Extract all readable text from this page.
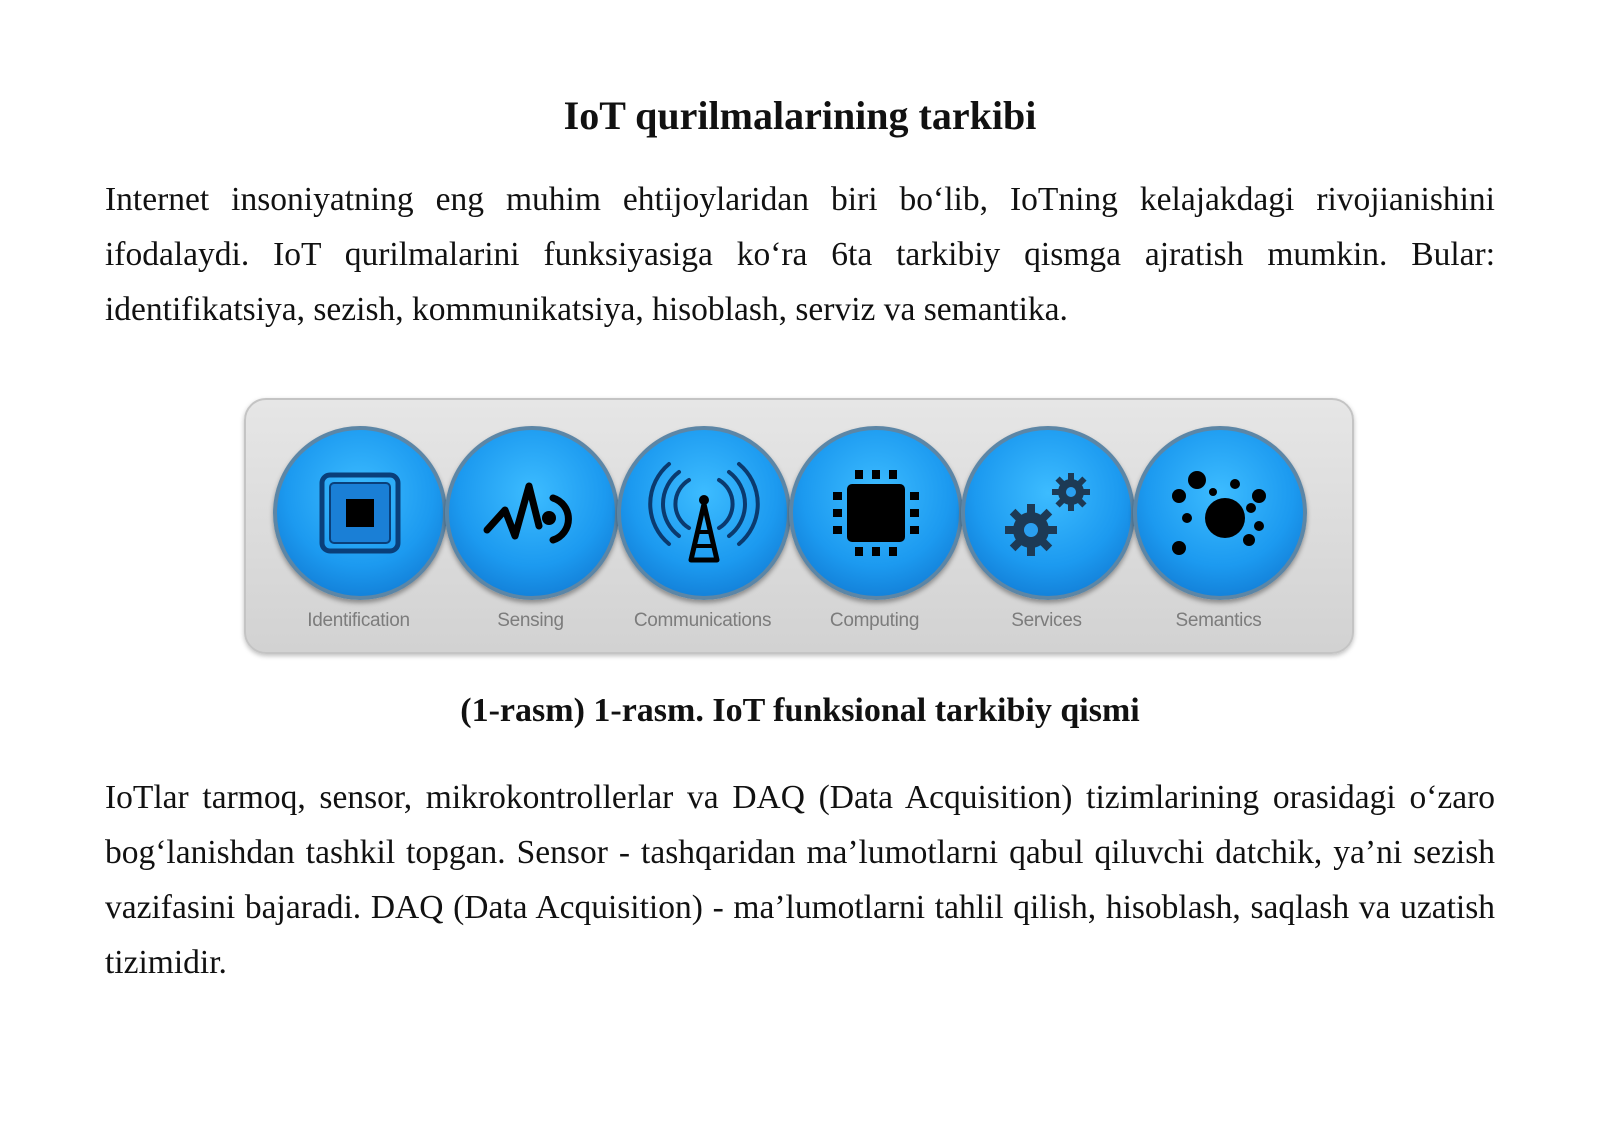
IoT qurilmalarining tarkibi

Internet insoniyatning eng muhim ehtijoylaridan biri bo‘lib, IoTning kelajakdagi rivojianishini ifodalaydi. IoT qurilmalarini funksiyasiga ko‘ra 6ta tarkibiy qismga ajratish mumkin. Bular: identifikatsiya, sezish, kommunikatsiya, hisoblash, serviz va semantika.

Identification	Sensing	Communications	Computing	Services	Semantics

(1-rasm) 1-rasm. IoT funksional tarkibiy qismi

IoTlar tarmoq, sensor, mikrokontrollerlar va DAQ (Data Acquisition) tizimlarining orasidagi o‘zaro bog‘lanishdan tashkil topgan. Sensor - tashqaridan ma’lumotlarni qabul qiluvchi datchik, ya’ni sezish vazifasini bajaradi. DAQ (Data Acquisition) - ma’lumotlarni tahlil qilish, hisoblash, saqlash va uzatish tizimidir.
